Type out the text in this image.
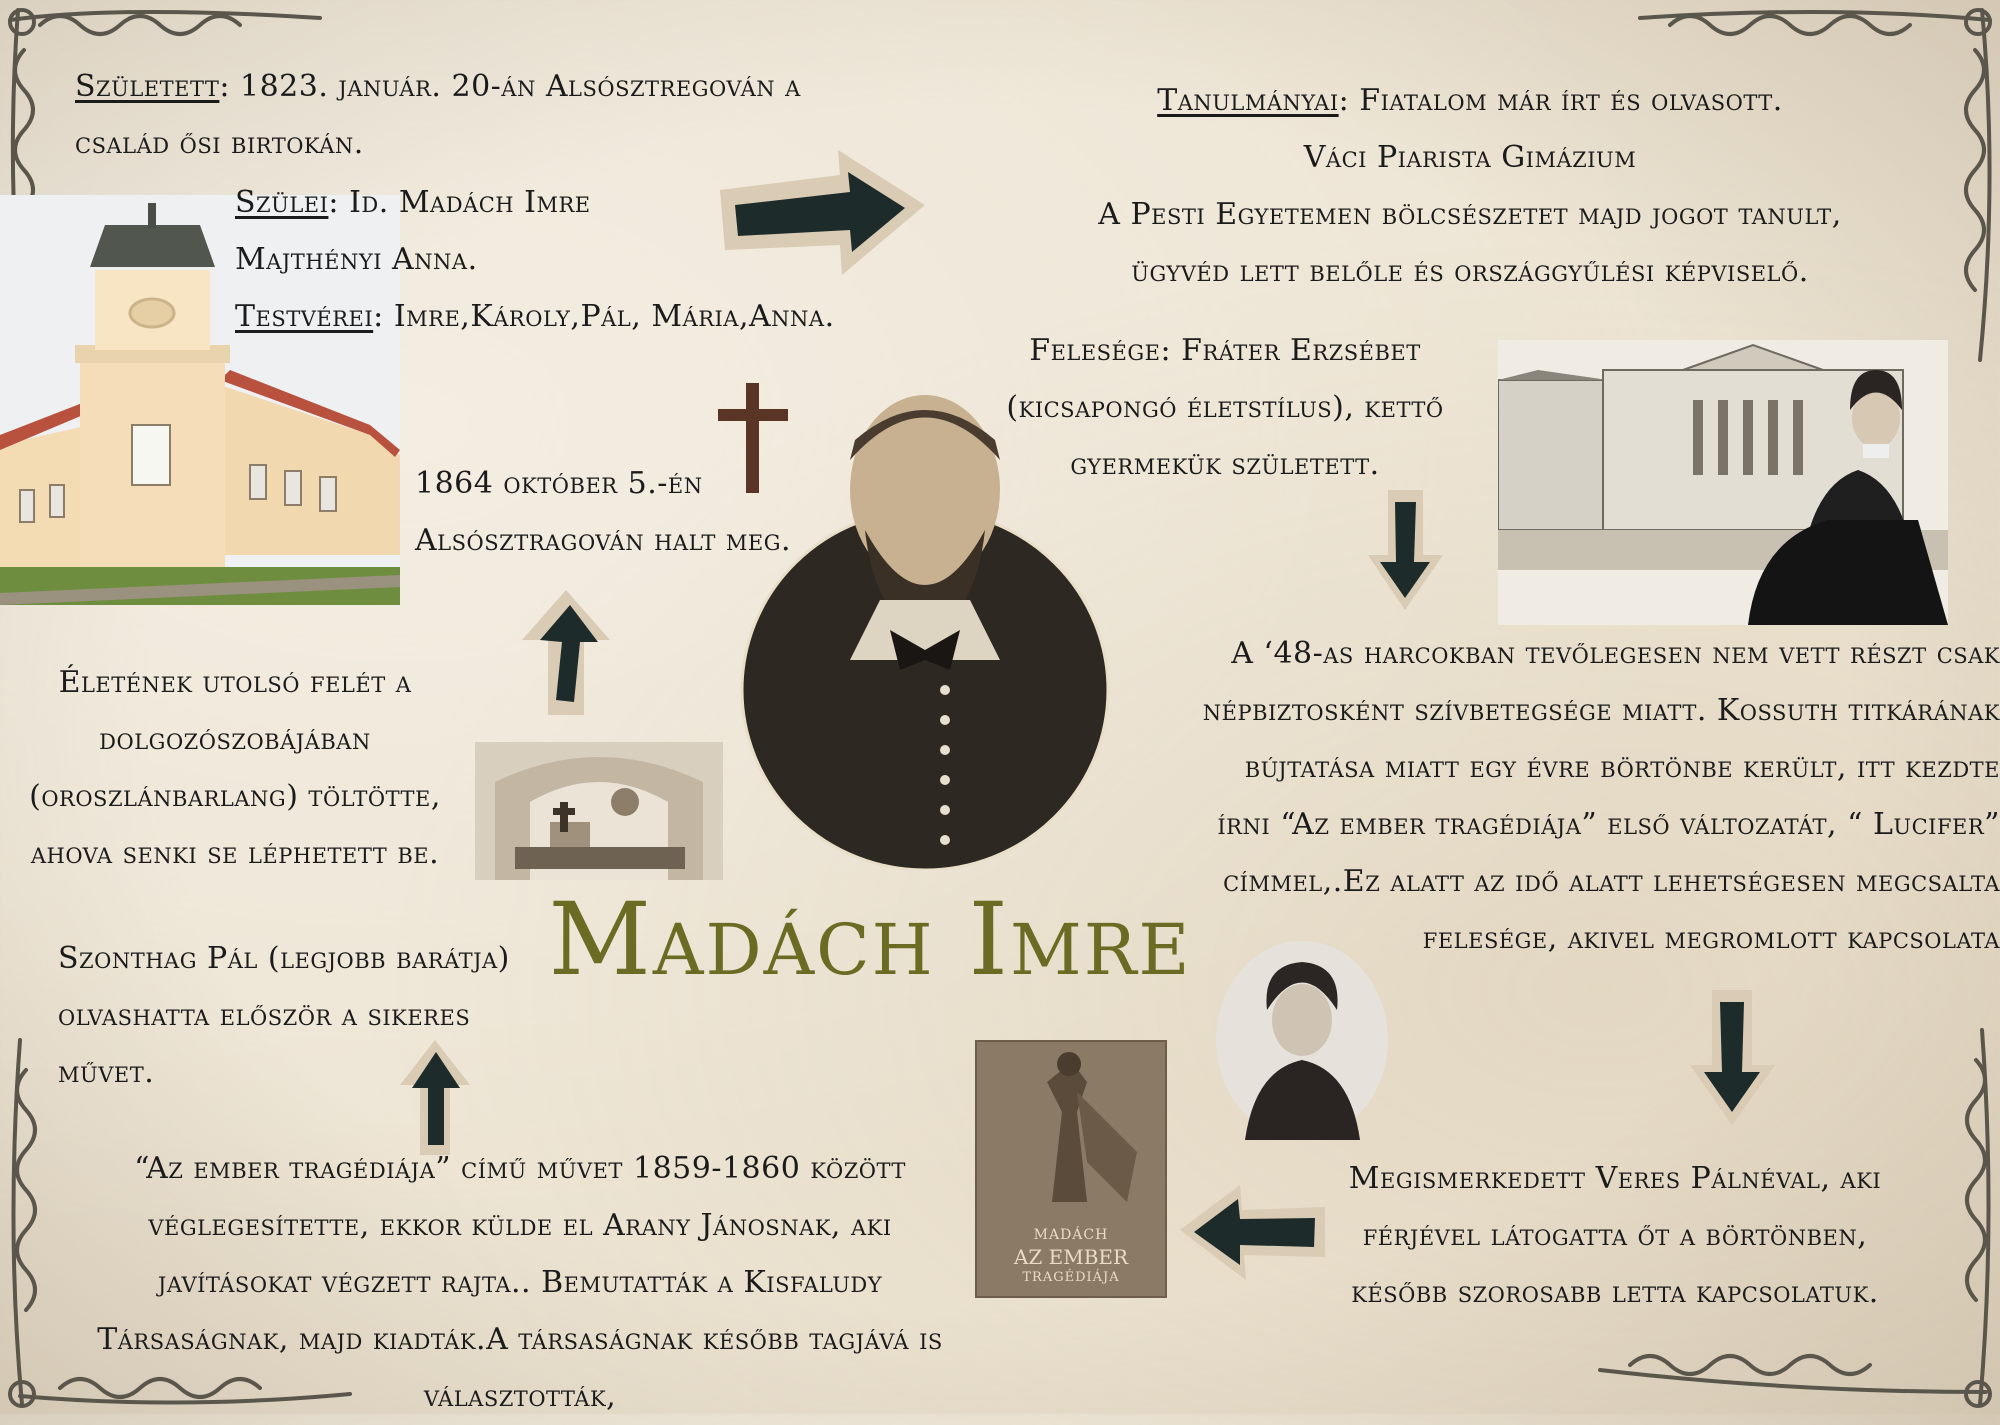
MADÁCH
AZ EMBER
TRAGÉDIÁJA

Született: 1823. január. 20-án Alsósztregován a

család ősi birtokán.

Szülei: Id. Madách Imre

Majthényi Anna.

Testvérei: Imre,Károly,Pál, Mária,Anna.

Tanulmányai: Fiatalom már írt és olvasott.

Váci Piarista Gimázium

A Pesti Egyetemen bölcsészetet majd jogot tanult,

ügyvéd lett belőle és országgyűlési képviselő.

Felesége: Fráter Erzsébet

(kicsapongó életstílus), kettő

gyermekük született.

1864 október 5.-én

Alsósztragován halt meg.

Életének utolsó felét a

dolgozószobájában

(oroszlánbarlang) töltötte,

ahova senki se léphetett be.

A ‘48-as harcokban tevőlegesen nem vett részt csak

népbiztosként szívbetegsége miatt. Kossuth titkárának

bújtatása miatt egy évre börtönbe került, itt kezdte

írni “Az ember tragédiája” első változatát, “ Lucifer”

címmel,.Ez alatt az idő alatt lehetségesen megcsalta

felesége, akivel megromlott kapcsolata

Madách Imre

Szonthag Pál (legjobb barátja)

olvashatta először a sikeres

művet.

“Az ember tragédiája” című művet 1859-1860 között

véglegesítette, ekkor külde el Arany Jánosnak, aki

javításokat végzett rajta.. Bemutatták a Kisfaludy

Társaságnak, majd kiadták.A társaságnak később tagjává is

választották,

Megismerkedett Veres Pálnéval, aki

férjével látogatta őt a börtönben,

később szorosabb letta kapcsolatuk.
